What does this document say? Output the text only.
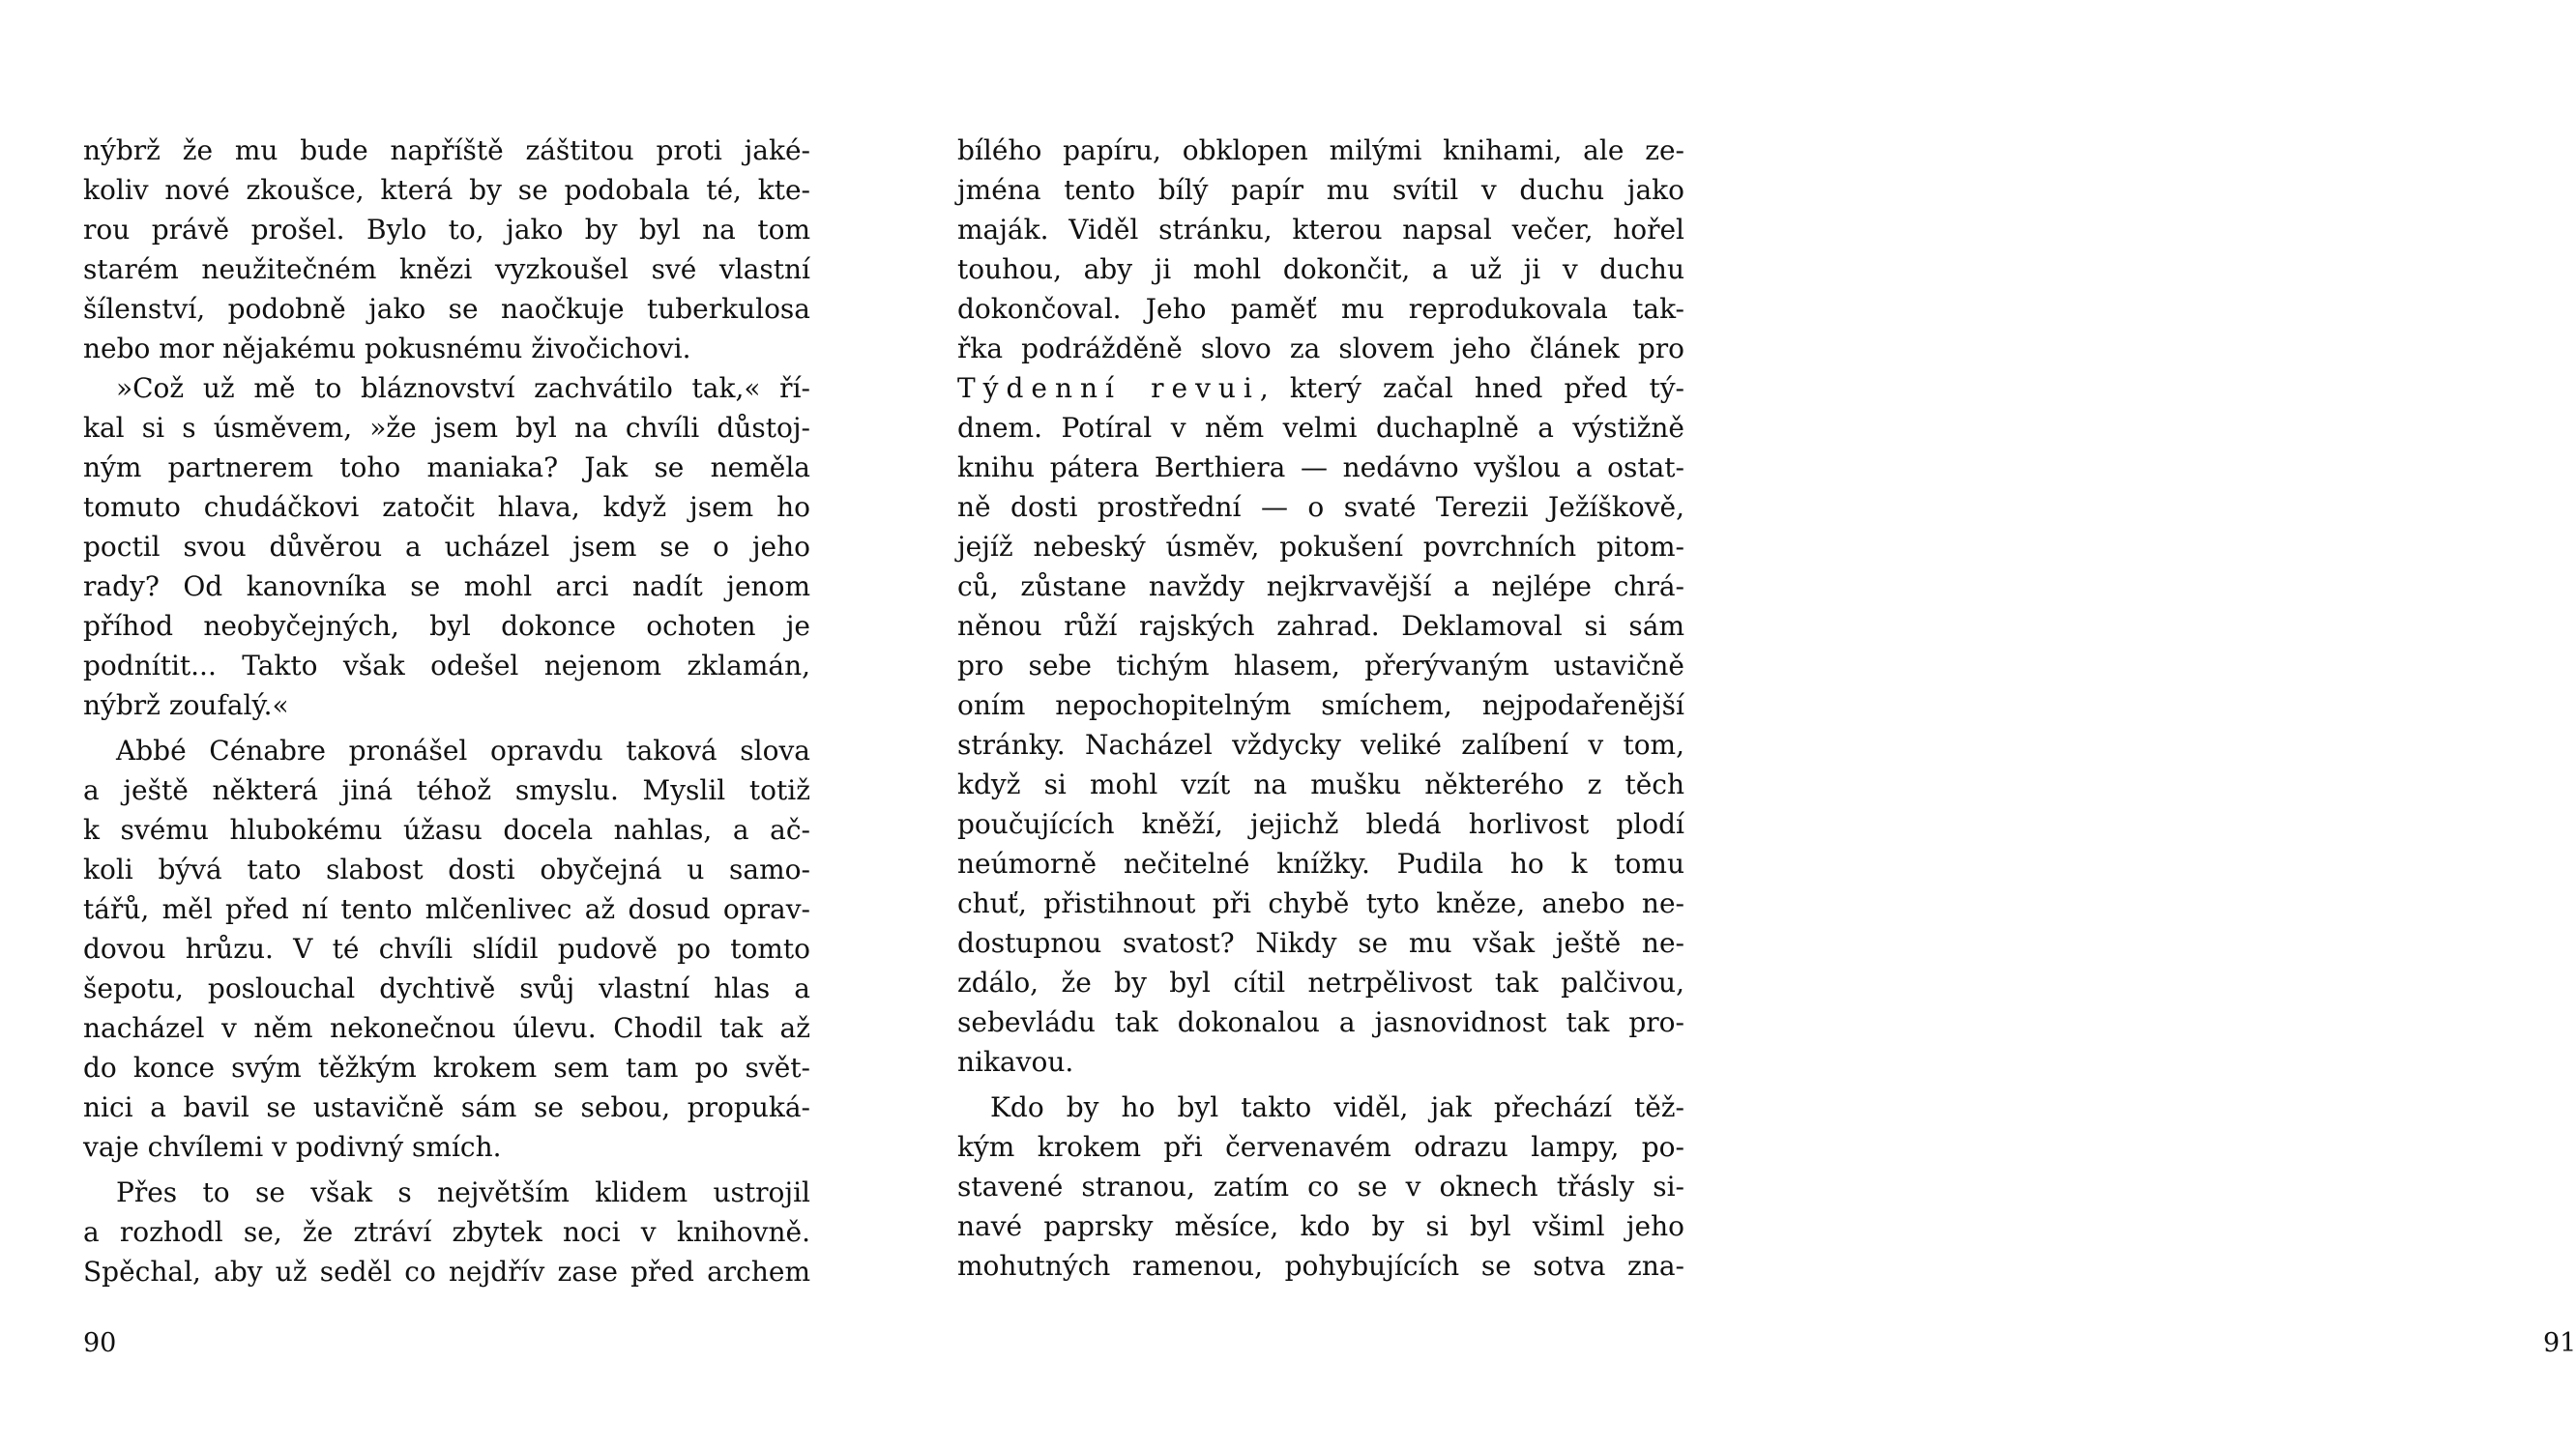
nýbrž že mu bude napříště záštitou proti jaké-
koliv nové zkoušce, která by se podobala té, kte-
rou právě prošel. Bylo to, jako by byl na tom
starém neužitečném knězi vyzkoušel své vlastní
šílenství, podobně jako se naočkuje tuberkulosa
nebo mor nějakému pokusnému živočichovi.
»Což už mě to bláznovství zachvátilo tak,« ří-
kal si s úsměvem, »že jsem byl na chvíli důstoj-
ným partnerem toho maniaka? Jak se neměla
tomuto chudáčkovi zatočit hlava, když jsem ho
poctil svou důvěrou a ucházel jsem se o jeho
rady? Od kanovníka se mohl arci nadít jenom
příhod neobyčejných, byl dokonce ochoten je
podnítit... Takto však odešel nejenom zklamán,
nýbrž zoufalý.«
Abbé Cénabre pronášel opravdu taková slova
a ještě některá jiná téhož smyslu. Myslil totiž
k svému hlubokému úžasu docela nahlas, a ač-
koli bývá tato slabost dosti obyčejná u samo-
tářů, měl před ní tento mlčenlivec až dosud oprav-
dovou hrůzu. V té chvíli slídil pudově po tomto
šepotu, poslouchal dychtivě svůj vlastní hlas a
nacházel v něm nekonečnou úlevu. Chodil tak až
do konce svým těžkým krokem sem tam po svět-
nici a bavil se ustavičně sám se sebou, propuká-
vaje chvílemi v podivný smích.
Přes to se však s největším klidem ustrojil
a rozhodl se, že ztráví zbytek noci v knihovně.
Spěchal, aby už seděl co nejdřív zase před archem
90
bílého papíru, obklopen milými knihami, ale ze-
jména tento bílý papír mu svítil v duchu jako
maják. Viděl stránku, kterou napsal večer, hořel
touhou, aby ji mohl dokončit, a už ji v duchu
dokončoval. Jeho paměť mu reprodukovala tak-
řka podrážděně slovo za slovem jeho článek pro
Týdenní revui, který začal hned před tý-
dnem. Potíral v něm velmi duchaplně a výstižně
knihu pátera Berthiera — nedávno vyšlou a ostat-
ně dosti prostřední — o svaté Terezii Ježíškově,
jejíž nebeský úsměv, pokušení povrchních pitom-
ců, zůstane navždy nejkrvavější a nejlépe chrá-
něnou růží rajských zahrad. Deklamoval si sám
pro sebe tichým hlasem, přerývaným ustavičně
oním nepochopitelným smíchem, nejpodařenější
stránky. Nacházel vždycky veliké zalíbení v tom,
když si mohl vzít na mušku některého z těch
poučujících kněží, jejichž bledá horlivost plodí
neúmorně nečitelné knížky. Pudila ho k tomu
chuť, přistihnout při chybě tyto kněze, anebo ne-
dostupnou svatost? Nikdy se mu však ještě ne-
zdálo, že by byl cítil netrpělivost tak palčivou,
sebevládu tak dokonalou a jasnovidnost tak pro-
nikavou.
Kdo by ho byl takto viděl, jak přechází těž-
kým krokem při červenavém odrazu lampy, po-
stavené stranou, zatím co se v oknech třásly si-
navé paprsky měsíce, kdo by si byl všiml jeho
mohutných ramenou, pohybujících se sotva zna-
91
